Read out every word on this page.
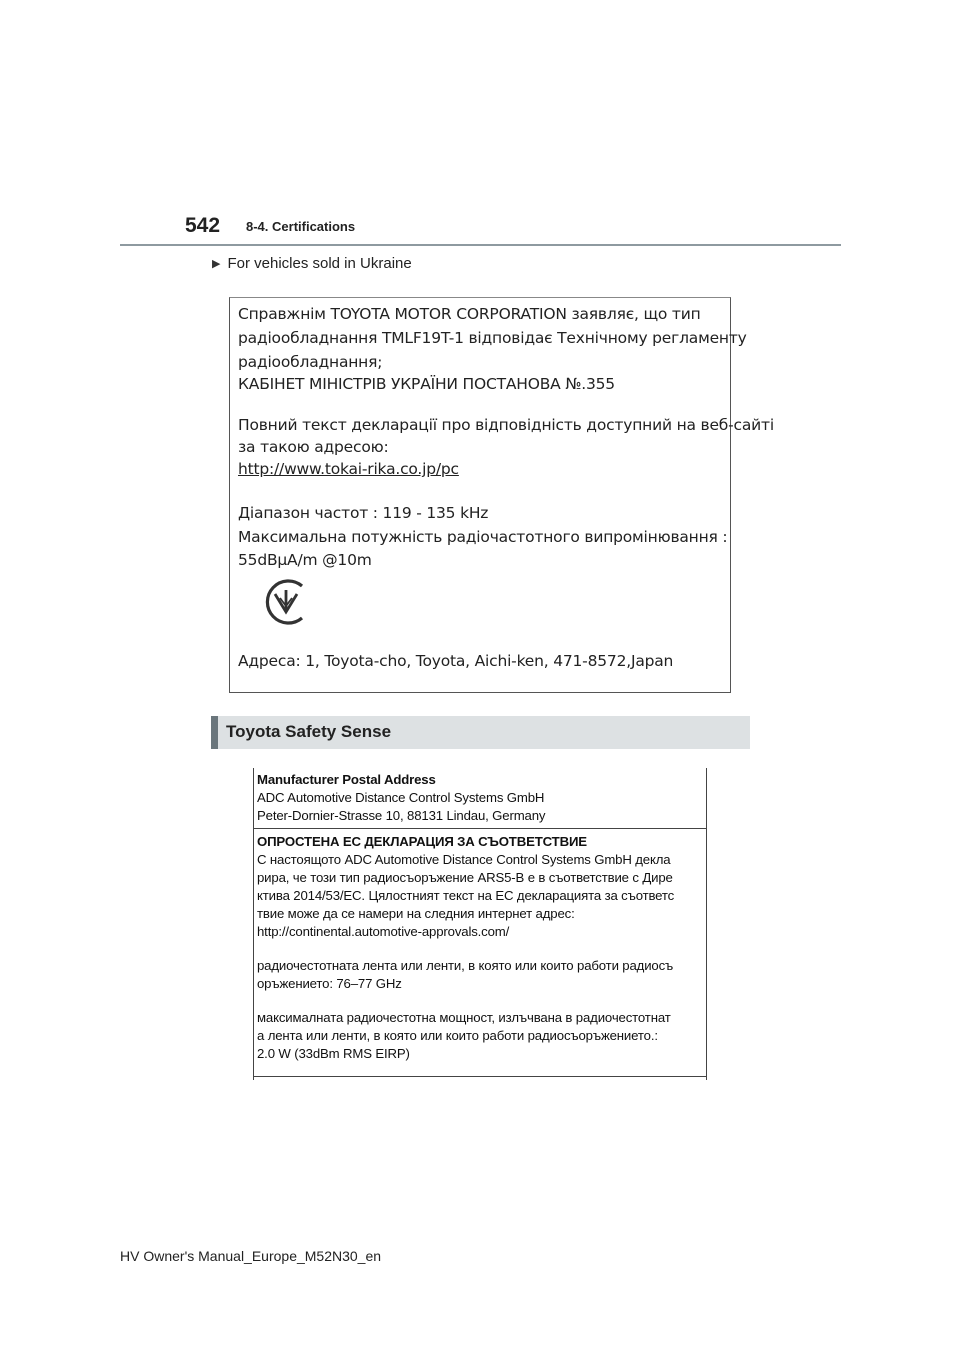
542 8-4. Certifications
▶ For vehicles sold in Ukraine
Справжнім TOYOTA MOTOR CORPORATION заявляє, що тип
радіообладнання TMLF19T-1 відповідає Технічному регламенту
радіообладнання;
КАБІНЕТ МІНІСТРІВ УКРАЇНИ ПОСТАНОВА №.355
Повний текст декларації про відповідність доступний на веб-сайті
за такою адресою:
http://www.tokai-rika.co.jp/pc
Діапазон частот : 119 - 135 kHz
Максимальна потужність радіочастотного випромінювання :
55dBμA/m @10m
Адреса: 1, Toyota-cho, Toyota, Aichi-ken, 471-8572,Japan
Toyota Safety Sense
Manufacturer Postal Address
ADC Automotive Distance Control Systems GmbH
Peter-Dornier-Strasse 10, 88131 Lindau, Germany
ОПРОСТЕНА ЕС ДЕКЛАРАЦИЯ ЗА СЪОТВЕТСТВИЕ
С настоящото ADC Automotive Distance Control Systems GmbH декла
рира, че този тип радиосъоръжение ARS5-B е в съответствие с Дире
ктива 2014/53/ЕС. Цялостният текст на ЕС декларацията за съответс
твие може да се намери на следния интернет адрес:
http://continental.automotive-approvals.com/
радиочестотната лента или ленти, в която или които работи радиосъ
оръжението: 76–77 GHz
максималната радиочестотна мощност, излъчвана в радиочестотнат
а лента или ленти, в която или които работи радиосъоръжението.:
2.0 W (33dBm RMS EIRP)
HV Owner's Manual_Europe_M52N30_en
